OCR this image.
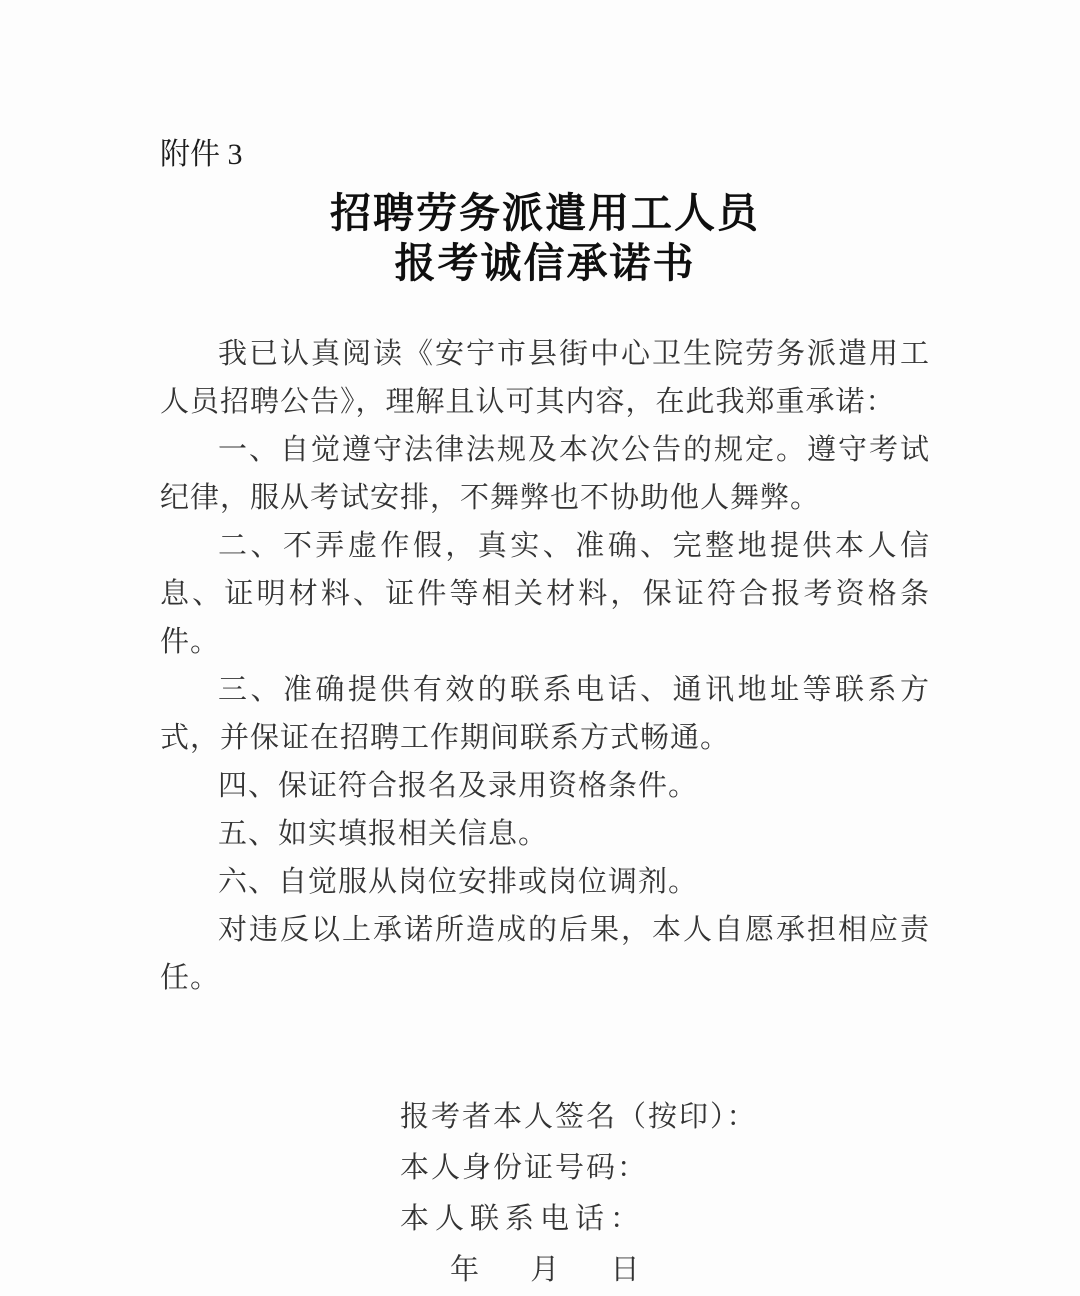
附件 3
招聘劳务派遣用工人员
报考诚信承诺书

我已认真阅读《安宁市县街中心卫生院劳务派遣用工人员招聘公告》，理解且认可其内容，在此我郑重承诺：

一、自觉遵守法律法规及本次公告的规定。遵守考试纪律，服从考试安排，不舞弊也不协助他人舞弊。

二、不弄虚作假，真实、准确、完整地提供本人信息、证明材料、证件等相关材料，保证符合报考资格条件。

三、准确提供有效的联系电话、通讯地址等联系方式，并保证在招聘工作期间联系方式畅通。

四、保证符合报名及录用资格条件。

五、如实填报相关信息。

六、自觉服从岗位安排或岗位调剂。

对违反以上承诺所造成的后果，本人自愿承担相应责任。

报考者本人签名（按印）：

本人身份证号码：

本人联系电话：

年 月 日
